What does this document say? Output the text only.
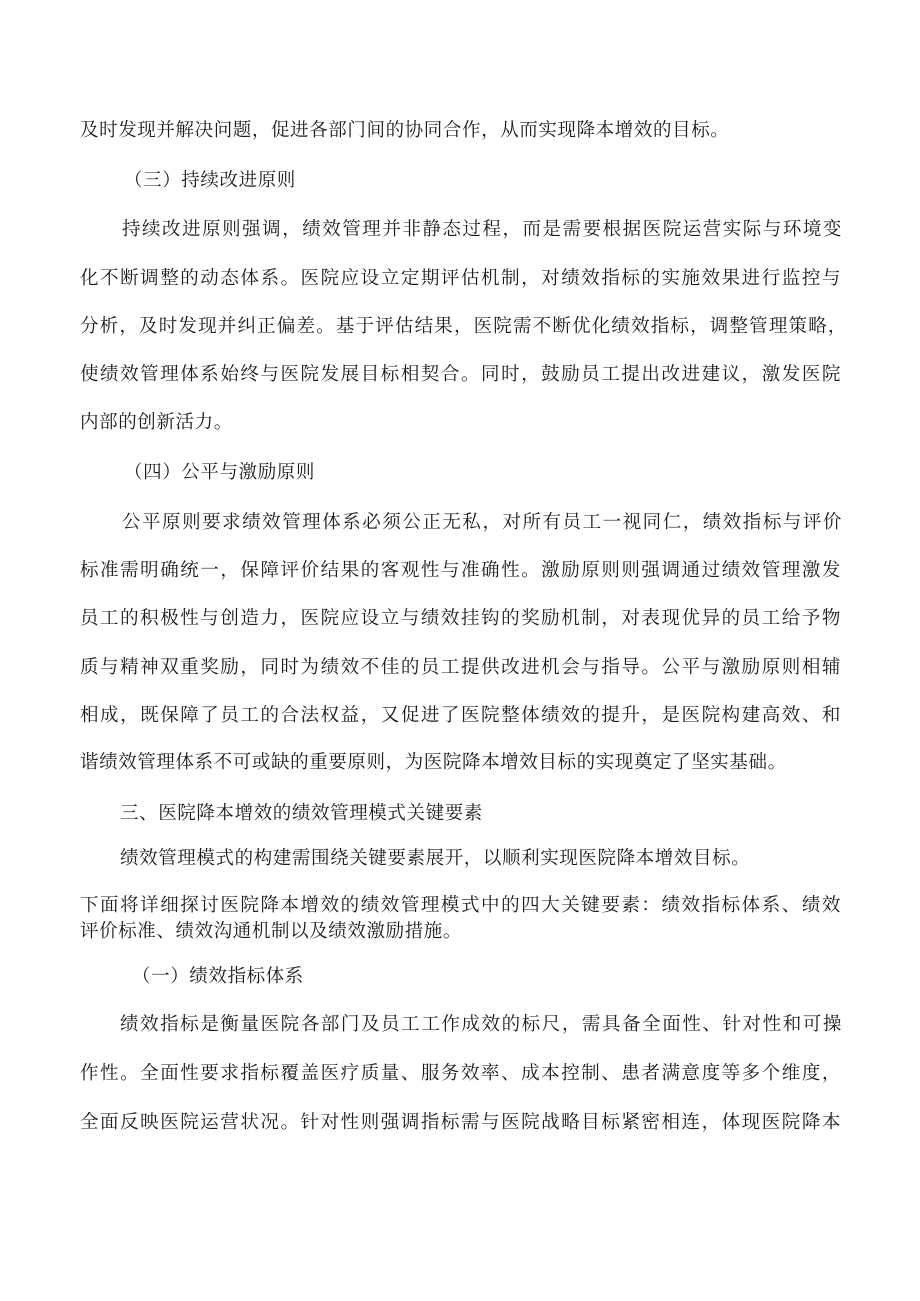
及时发现并解决问题，促进各部门间的协同合作，从而实现降本增效的目标。
（三）持续改进原则
持续改进原则强调，绩效管理并非静态过程，而是需要根据医院运营实际与环境变
化不断调整的动态体系。医院应设立定期评估机制，对绩效指标的实施效果进行监控与
分析，及时发现并纠正偏差。基于评估结果，医院需不断优化绩效指标，调整管理策略，
使绩效管理体系始终与医院发展目标相契合。同时，鼓励员工提出改进建议，激发医院
内部的创新活力。
（四）公平与激励原则
公平原则要求绩效管理体系必须公正无私，对所有员工一视同仁，绩效指标与评价
标准需明确统一，保障评价结果的客观性与准确性。激励原则则强调通过绩效管理激发
员工的积极性与创造力，医院应设立与绩效挂钩的奖励机制，对表现优异的员工给予物
质与精神双重奖励，同时为绩效不佳的员工提供改进机会与指导。公平与激励原则相辅
相成，既保障了员工的合法权益，又促进了医院整体绩效的提升，是医院构建高效、和
谐绩效管理体系不可或缺的重要原则，为医院降本增效目标的实现奠定了坚实基础。
三、医院降本增效的绩效管理模式关键要素
绩效管理模式的构建需围绕关键要素展开，以顺利实现医院降本增效目标。
下面将详细探讨医院降本增效的绩效管理模式中的四大关键要素：绩效指标体系、绩效
评价标准、绩效沟通机制以及绩效激励措施。
（一）绩效指标体系
绩效指标是衡量医院各部门及员工工作成效的标尺，需具备全面性、针对性和可操
作性。全面性要求指标覆盖医疗质量、服务效率、成本控制、患者满意度等多个维度，
全面反映医院运营状况。针对性则强调指标需与医院战略目标紧密相连，体现医院降本
